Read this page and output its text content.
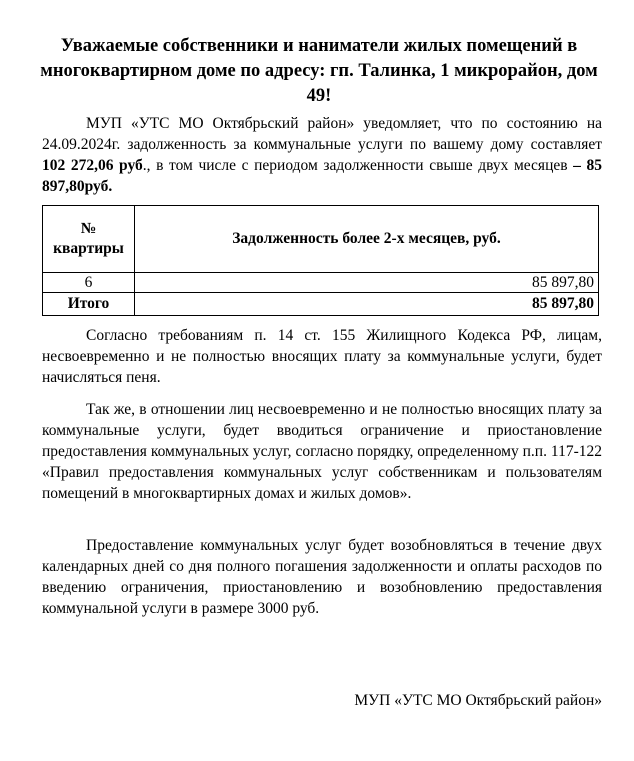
Уважаемые собственники и наниматели жилых помещений в многоквартирном доме по адресу: гп. Талинка, 1 микрорайон, дом 49!
МУП «УТС МО Октябрьский район» уведомляет, что по состоянию на 24.09.2024г. задолженность за коммунальные услуги по вашему дому составляет 102 272,06 руб., в том числе с периодом задолженности свыше двух месяцев – 85 897,80руб.
№ квартиры	Задолженность более 2-х месяцев, руб.
6	85 897,80
Итого	85 897,80
Согласно требованиям п. 14 ст. 155 Жилищного Кодекса РФ, лицам, несвоевременно и не полностью вносящих плату за коммунальные услуги, будет начисляться пеня.
Так же, в отношении лиц несвоевременно и не полностью вносящих плату за коммунальные услуги, будет вводиться ограничение и приостановление предоставления коммунальных услуг, согласно порядку, определенному п.п. 117-122 «Правил предоставления коммунальных услуг собственникам и пользователям помещений в многоквартирных домах и жилых домов».
Предоставление коммунальных услуг будет возобновляться в течение двух календарных дней со дня полного погашения задолженности и оплаты расходов по введению ограничения, приостановлению и возобновлению предоставления коммунальной услуги в размере 3000 руб.
МУП «УТС МО Октябрьский район»
